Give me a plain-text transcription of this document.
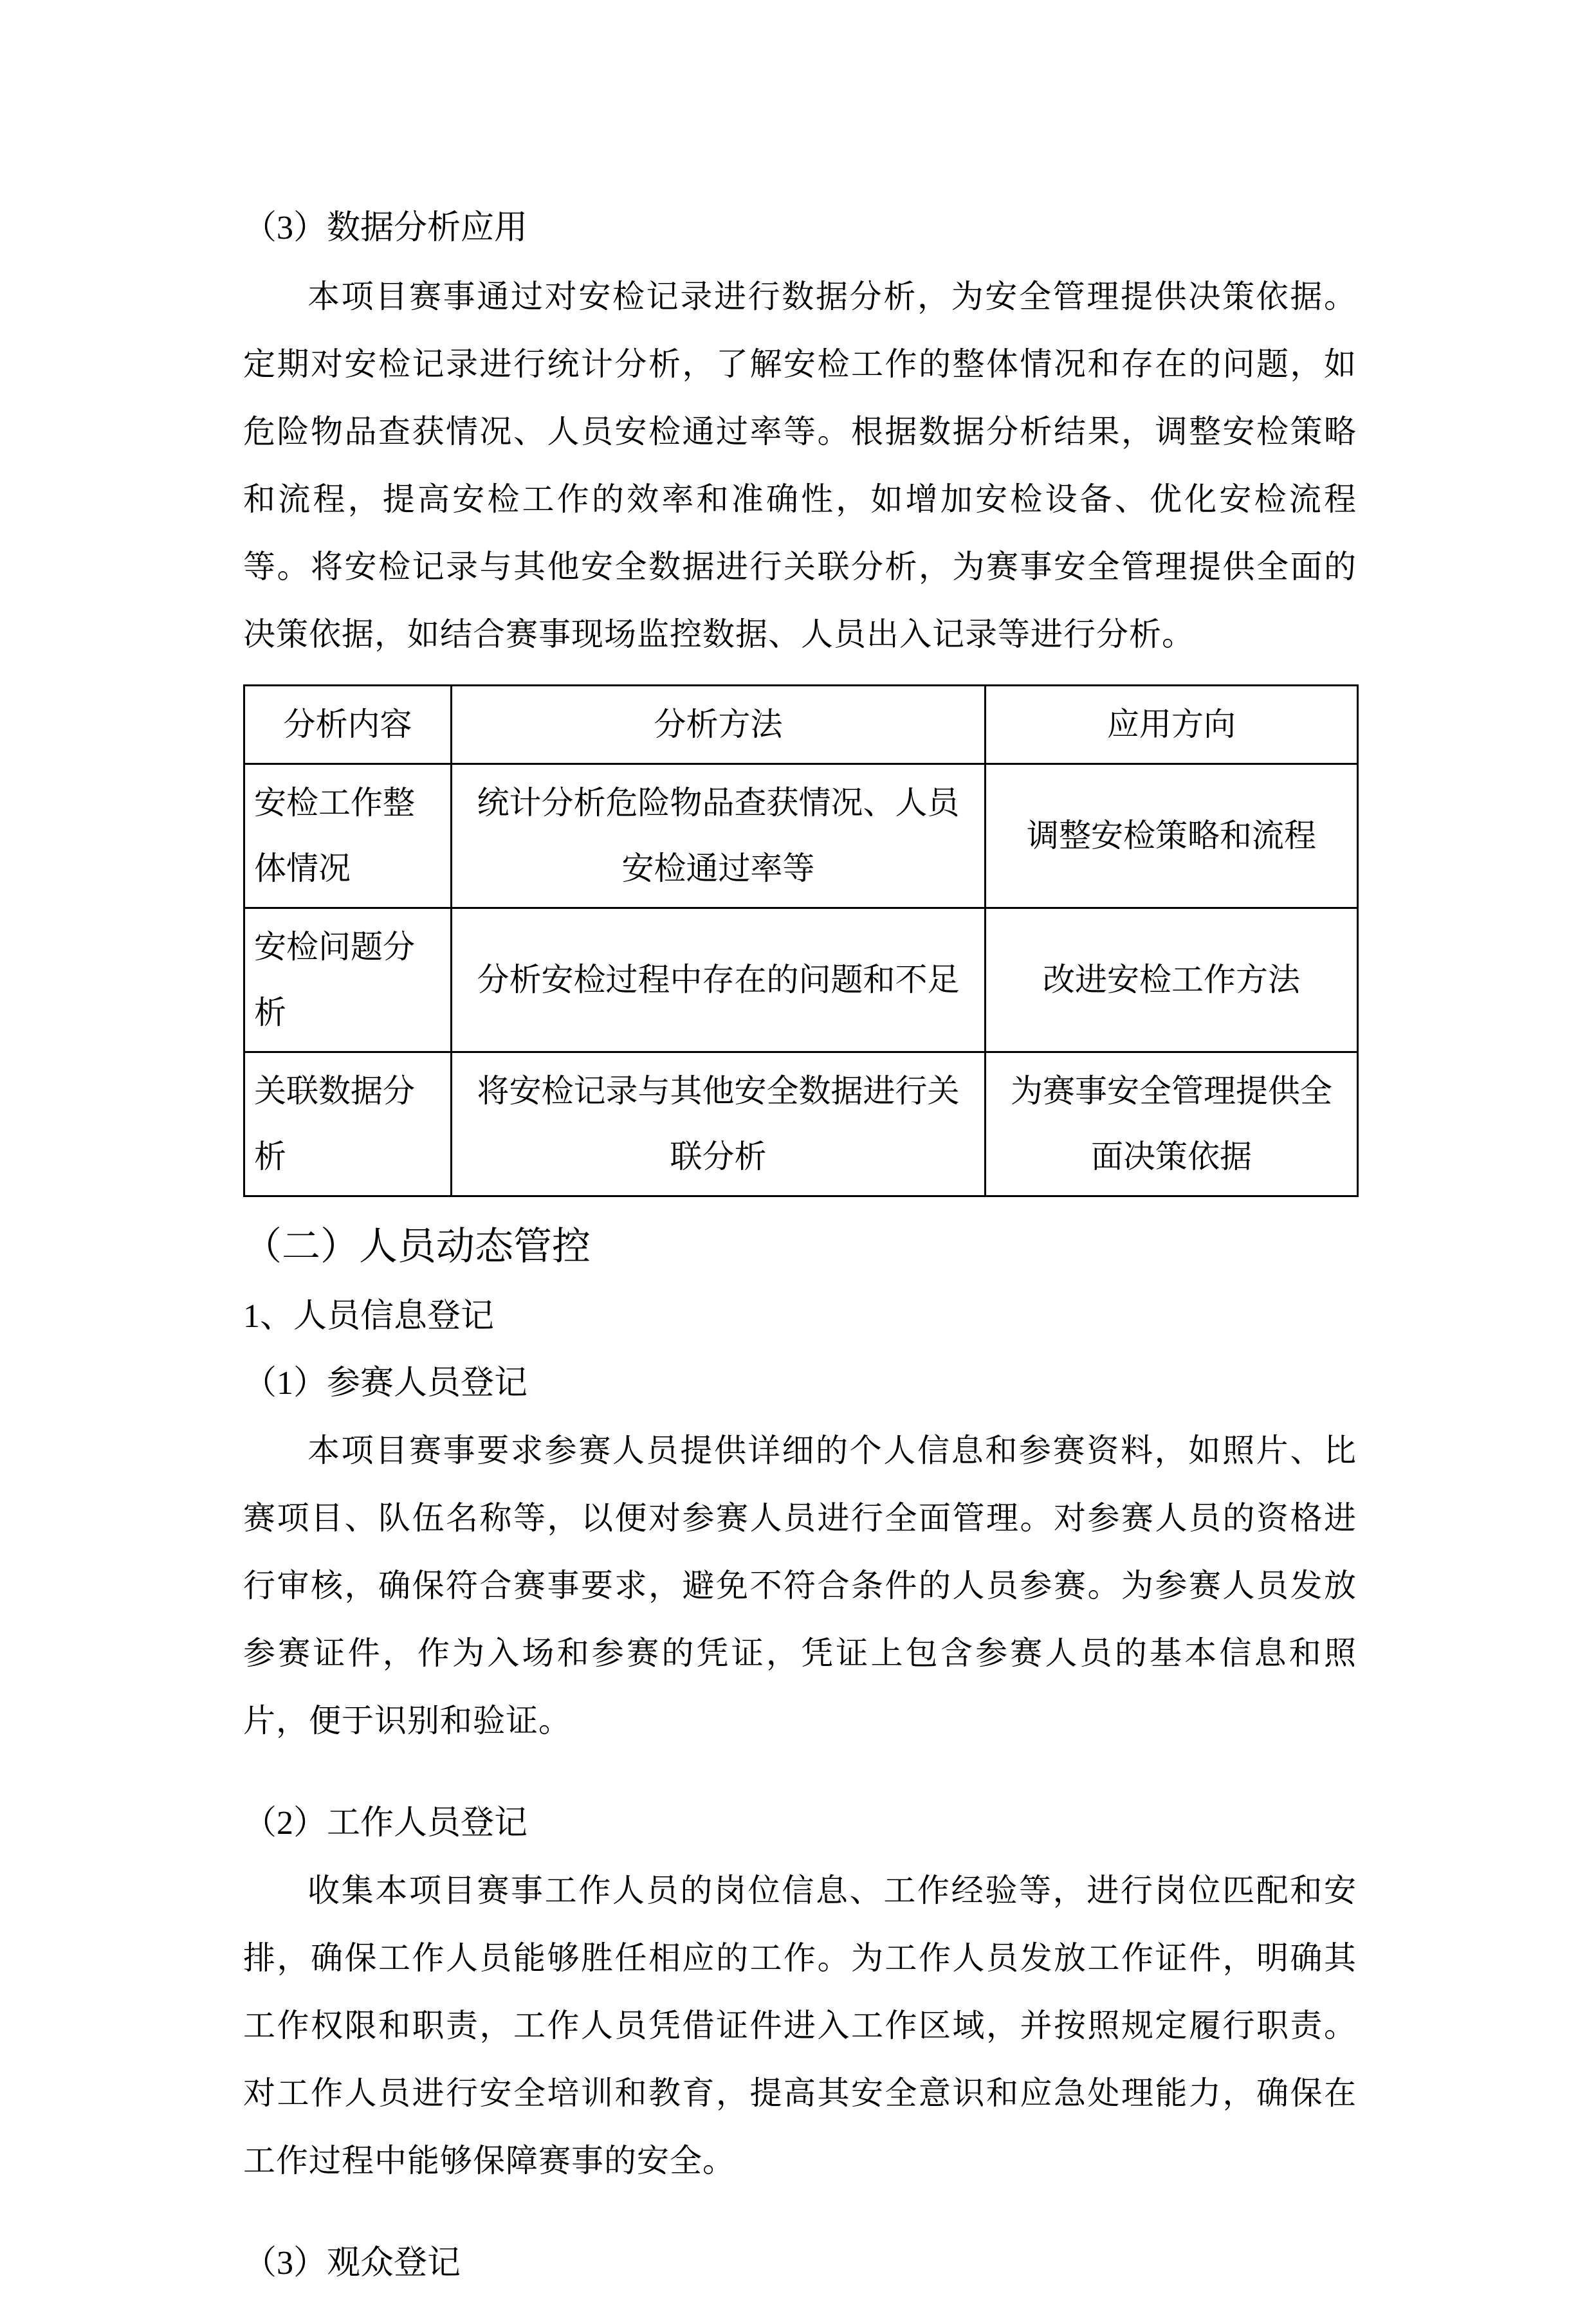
（3）数据分析应用

本项目赛事通过对安检记录进行数据分析，为安全管理提供决策依据。定期对安检记录进行统计分析，了解安检工作的整体情况和存在的问题，如危险物品查获情况、人员安检通过率等。根据数据分析结果，调整安检策略和流程，提高安检工作的效率和准确性，如增加安检设备、优化安检流程等。将安检记录与其他安全数据进行关联分析，为赛事安全管理提供全面的决策依据，如结合赛事现场监控数据、人员出入记录等进行分析。

分析内容	分析方法	应用方向
安检工作整体情况	统计分析危险物品查获情况、人员安检通过率等	调整安检策略和流程
安检问题分析	分析安检过程中存在的问题和不足	改进安检工作方法
关联数据分析	将安检记录与其他安全数据进行关联分析	为赛事安全管理提供全面决策依据

（二）人员动态管控

1、人员信息登记

（1）参赛人员登记

本项目赛事要求参赛人员提供详细的个人信息和参赛资料，如照片、比赛项目、队伍名称等，以便对参赛人员进行全面管理。对参赛人员的资格进行审核，确保符合赛事要求，避免不符合条件的人员参赛。为参赛人员发放参赛证件，作为入场和参赛的凭证，凭证上包含参赛人员的基本信息和照片，便于识别和验证。

（2）工作人员登记

收集本项目赛事工作人员的岗位信息、工作经验等，进行岗位匹配和安排，确保工作人员能够胜任相应的工作。为工作人员发放工作证件，明确其工作权限和职责，工作人员凭借证件进入工作区域，并按照规定履行职责。对工作人员进行安全培训和教育，提高其安全意识和应急处理能力，确保在工作过程中能够保障赛事的安全。

（3）观众登记
